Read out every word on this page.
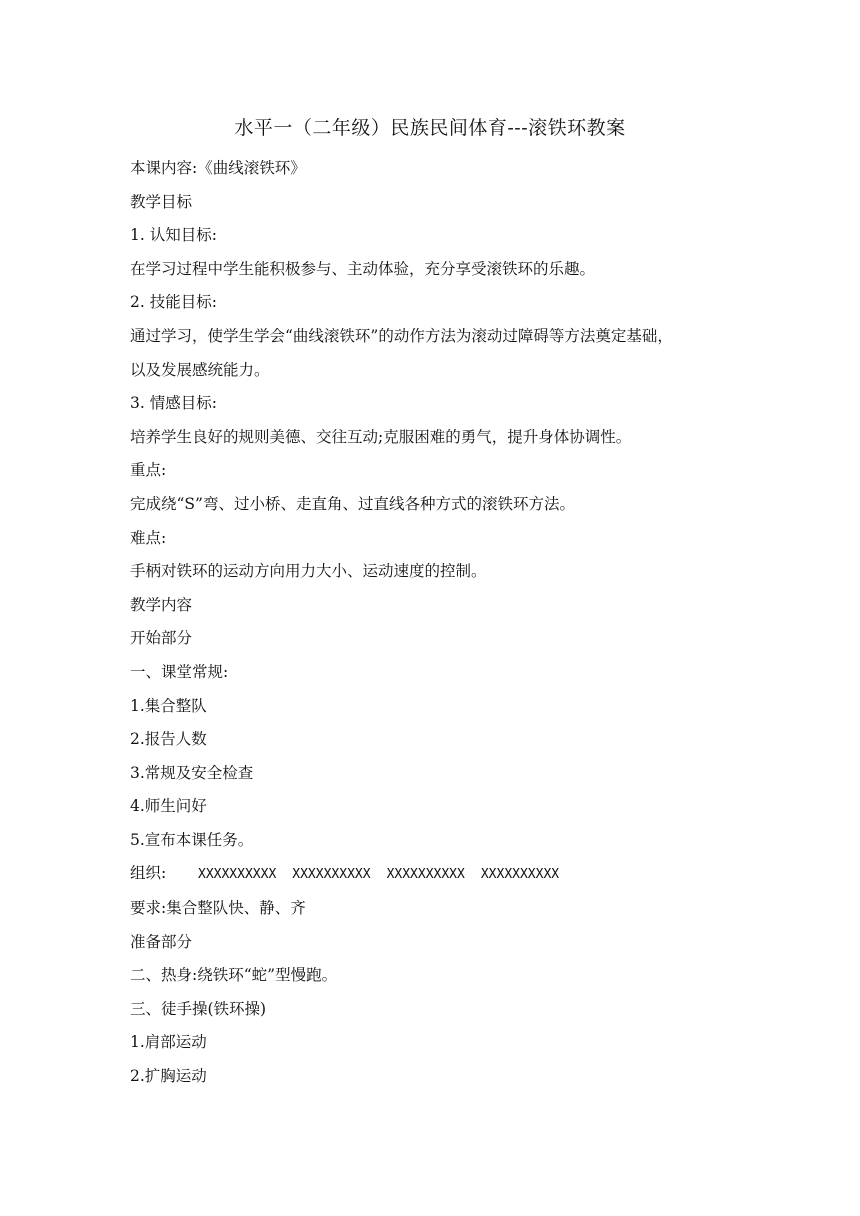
水平一（二年级）民族民间体育---滚铁环教案
本课内容:《曲线滚铁环》
教学目标
1. 认知目标:
在学习过程中学生能积极参与、主动体验，充分享受滚铁环的乐趣。
2. 技能目标:
通过学习，使学生学会“曲线滚铁环”的动作方法为滚动过障碍等方法奠定基础，
以及发展感统能力。
3. 情感目标:
培养学生良好的规则美德、交往互动;克服困难的勇气，提升身体协调性。
重点:
完成绕“S”弯、过小桥、走直角、过直线各种方式的滚铁环方法。
难点:
手柄对铁环的运动方向用力大小、运动速度的控制。
教学内容
开始部分
一、课堂常规:
1.集合整队
2.报告人数
3.常规及安全检查
4.师生问好
5.宣布本课任务。
组织: XXXXXXXXXX XXXXXXXXXX XXXXXXXXXX XXXXXXXXXX
要求:集合整队快、静、齐
准备部分
二、热身:绕铁环“蛇”型慢跑。
三、徒手操(铁环操)
1.肩部运动
2.扩胸运动
